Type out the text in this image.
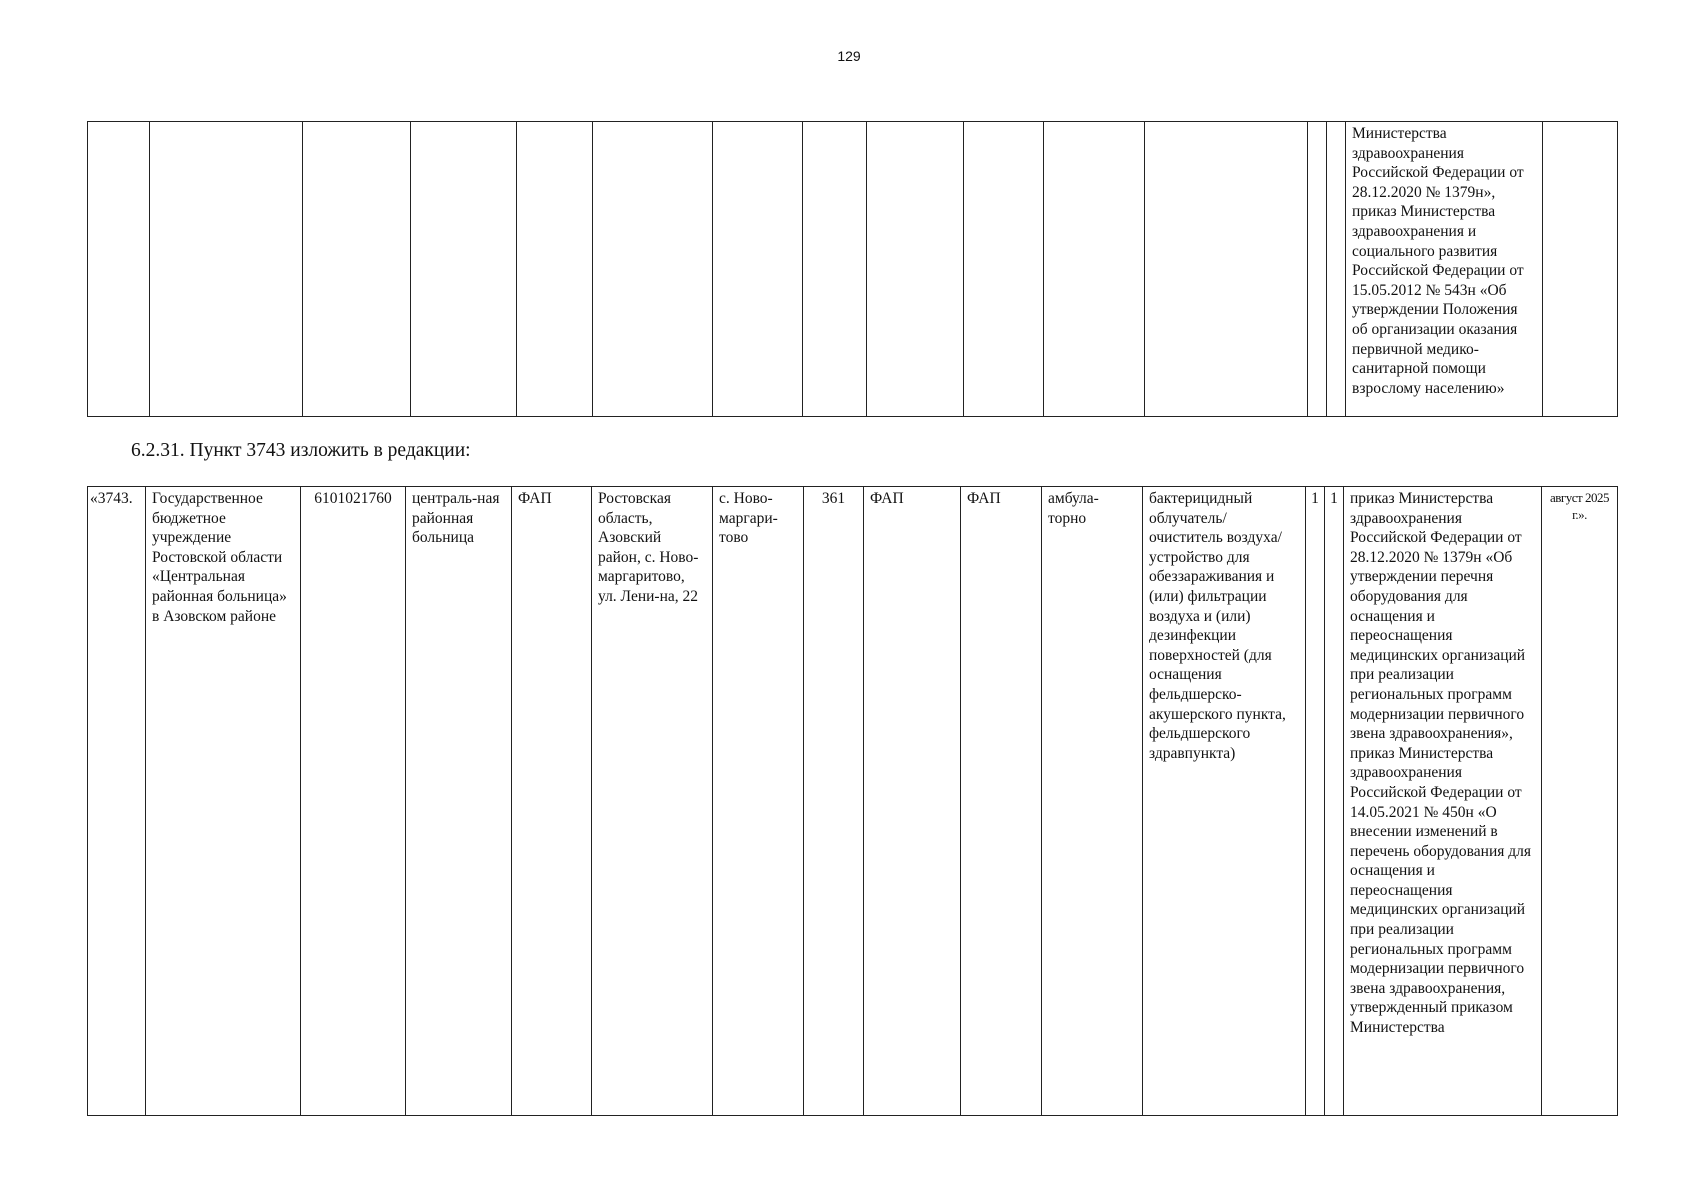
129
														Министерства здравоохранения Российской Федерации от 28.12.2020 № 1379н», приказ Министерства здравоохранения и социального развития Российской Федерации от 15.05.2012 № 543н «Об утверждении Положения об организации оказания первичной медико-санитарной помощи взрослому населению»	
6.2.31. Пункт 3743 изложить в редакции:
«3743.	Государственное бюджетное учреждение Ростовской области «Центральная районная больница» в Азовском районе	6101021760	централь-ная районная больница	ФАП	Ростовская область, Азовский район, с. Ново-маргаритово, ул. Лени-на, 22	с. Ново-маргари-тово	361	ФАП	ФАП	амбула-торно	бактерицидный облучатель/ очиститель воздуха/ устройство для обеззараживания и (или) фильтрации воздуха и (или) дезинфекции поверхностей (для оснащения фельдшерско-акушерского пункта, фельдшерского здравпункта)	1	1	приказ Министерства здравоохранения Российской Федерации от 28.12.2020 № 1379н «Об утверждении перечня оборудования для оснащения и переоснащения медицинских организаций при реализации региональных программ модернизации первичного звена здравоохранения», приказ Министерства здравоохранения Российской Федерации от 14.05.2021 № 450н «О внесении изменений в перечень оборудования для оснащения и переоснащения медицинских организаций при реализации региональных программ модернизации первичного звена здравоохранения, утвержденный приказом Министерства	август 2025 г.».
